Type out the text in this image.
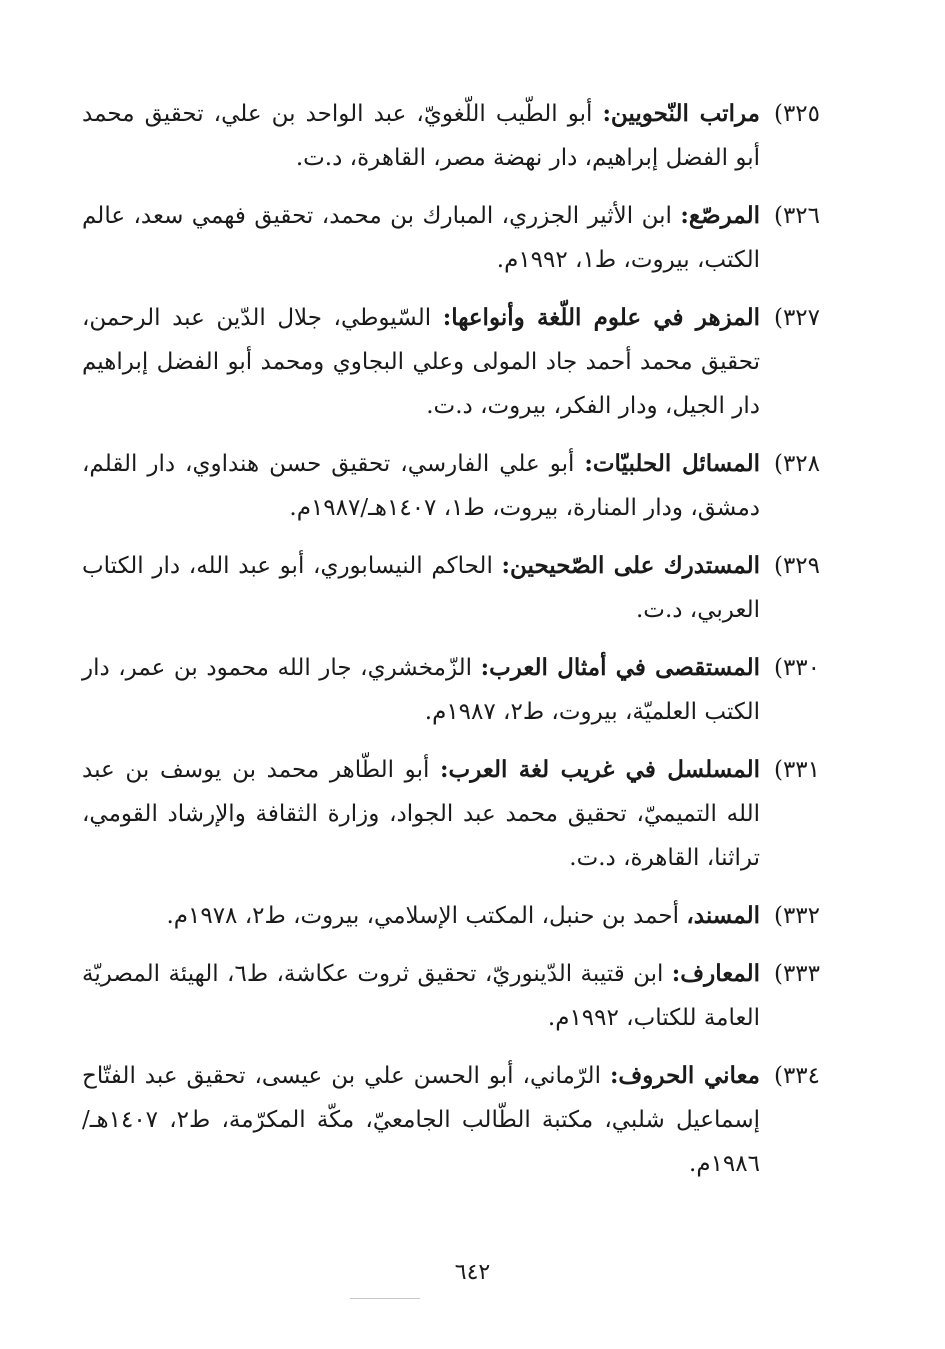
٣٢٥)
مراتب النّحويين: أبو الطّيب اللّغويّ، عبد الواحد بن علي، تحقيق محمد أبو الفضل إبراهيم، دار نهضة مصر، القاهرة، د.ت.
٣٢٦)
المرصّع: ابن الأثير الجزري، المبارك بن محمد، تحقيق فهمي سعد، عالم الكتب، بيروت، ط١، ١٩٩٢م.
٣٢٧)
المزهر في علوم اللّغة وأنواعها: السّيوطي، جلال الدّين عبد الرحمن، تحقيق محمد أحمد جاد المولى وعلي البجاوي ومحمد أبو الفضل إبراهيم دار الجيل، ودار الفكر، بيروت، د.ت.
٣٢٨)
المسائل الحلبيّات: أبو علي الفارسي، تحقيق حسن هنداوي، دار القلم، دمشق، ودار المنارة، بيروت، ط١، ١٤٠٧هـ/١٩٨٧م.
٣٢٩)
المستدرك على الصّحيحين: الحاكم النيسابوري، أبو عبد الله، دار الكتاب العربي، د.ت.
٣٣٠)
المستقصى في أمثال العرب: الزّمخشري، جار الله محمود بن عمر، دار الكتب العلميّة، بيروت، ط٢، ١٩٨٧م.
٣٣١)
المسلسل في غريب لغة العرب: أبو الطّاهر محمد بن يوسف بن عبد الله التميميّ، تحقيق محمد عبد الجواد، وزارة الثقافة والإرشاد القومي، تراثنا، القاهرة، د.ت.
٣٣٢)
المسند، أحمد بن حنبل، المكتب الإسلامي، بيروت، ط٢، ١٩٧٨م.
٣٣٣)
المعارف: ابن قتيبة الدّينوريّ، تحقيق ثروت عكاشة، ط٦، الهيئة المصريّة العامة للكتاب، ١٩٩٢م.
٣٣٤)
معاني الحروف: الرّماني، أبو الحسن علي بن عيسى، تحقيق عبد الفتّاح إسماعيل شلبي، مكتبة الطّالب الجامعيّ، مكّة المكرّمة، ط٢، ١٤٠٧هـ/١٩٨٦م.
٦٤٢
